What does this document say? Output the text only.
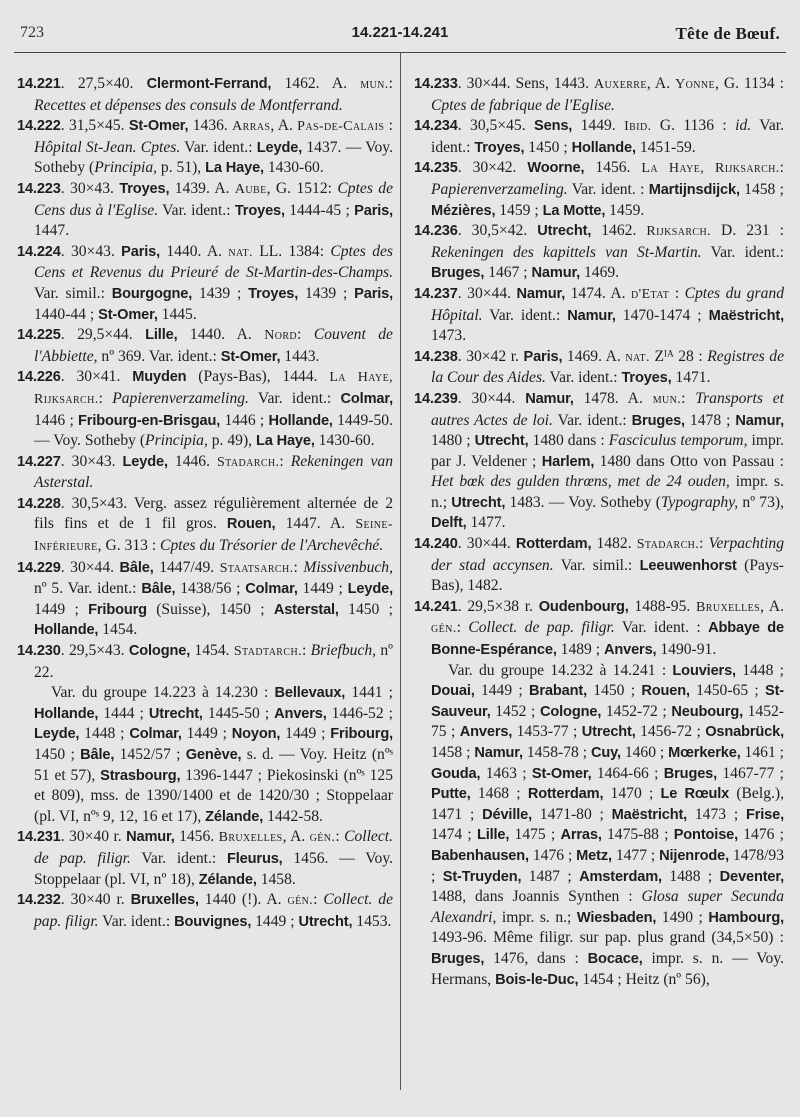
723	14.221-14.241	Tête de Bœuf.

14.221. 27,5×40. Clermont-Ferrand, 1462. A. mun.: Recettes et dépenses des consuls de Montferrand.

14.222. 31,5×45. St-Omer, 1436. Arras, A. Pas-de-Calais : Hôpital St-Jean. Cptes. Var. ident.: Leyde, 1437. — Voy. Sotheby (Principia, p. 51), La Haye, 1430-60.

14.223. 30×43. Troyes, 1439. A. Aube, G. 1512: Cptes de Cens dus à l'Eglise. Var. ident.: Troyes, 1444-45 ; Paris, 1447.

14.224. 30×43. Paris, 1440. A. nat. LL. 1384: Cptes des Cens et Revenus du Prieuré de St-Martin-des-Champs. Var. simil.: Bourgogne, 1439 ; Troyes, 1439 ; Paris, 1440-44 ; St-Omer, 1445.

14.225. 29,5×44. Lille, 1440. A. Nord: Couvent de l'Abbiette, nº 369. Var. ident.: St-Omer, 1443.

14.226. 30×41. Muyden (Pays-Bas), 1444. La Haye, Rijksarch.: Papierenverzameling. Var. ident.: Colmar, 1446 ; Fribourg-en-Brisgau, 1446 ; Hollande, 1449-50. — Voy. Sotheby (Principia, p. 49), La Haye, 1430-60.

14.227. 30×43. Leyde, 1446. Stadarch.: Rekeningen van Asterstal.

14.228. 30,5×43. Verg. assez régulièrement alternée de 2 fils fins et de 1 fil gros. Rouen, 1447. A. Seine-Inférieure, G. 313 : Cptes du Trésorier de l'Archevêché.

14.229. 30×44. Bâle, 1447/49. Staatsarch.: Missivenbuch, nº 5. Var. ident.: Bâle, 1438/56 ; Colmar, 1449 ; Leyde, 1449 ; Fribourg (Suisse), 1450 ; Asterstal, 1450 ; Hollande, 1454.

14.230. 29,5×43. Cologne, 1454. Stadtarch.: Briefbuch, nº 22.

Var. du groupe 14.223 à 14.230 : Bellevaux, 1441 ; Hollande, 1444 ; Utrecht, 1445-50 ; Anvers, 1446-52 ; Leyde, 1448 ; Colmar, 1449 ; Noyon, 1449 ; Fribourg, 1450 ; Bâle, 1452/57 ; Genève, s. d. — Voy. Heitz (nºˢ 51 et 57), Strasbourg, 1396-1447 ; Piekosinski (nºˢ 125 et 809), mss. de 1390/1400 et de 1420/30 ; Stoppelaar (pl. VI, nºˢ 9, 12, 16 et 17), Zélande, 1442-58.

14.231. 30×40 r. Namur, 1456. Bruxelles, A. gén.: Collect. de pap. filigr. Var. ident.: Fleurus, 1456. — Voy. Stoppelaar (pl. VI, nº 18), Zélande, 1458.

14.232. 30×40 r. Bruxelles, 1440 (!). A. gén.: Collect. de pap. filigr. Var. ident.: Bouvignes, 1449 ; Utrecht, 1453.

14.233. 30×44. Sens, 1443. Auxerre, A. Yonne, G. 1134 : Cptes de fabrique de l'Eglise.

14.234. 30,5×45. Sens, 1449. Ibid. G. 1136 : id. Var. ident.: Troyes, 1450 ; Hollande, 1451-59.

14.235. 30×42. Woorne, 1456. La Haye, Rijksarch.: Papierenverzameling. Var. ident. : Martijnsdijck, 1458 ; Mézières, 1459 ; La Motte, 1459.

14.236. 30,5×42. Utrecht, 1462. Rijksarch. D. 231 : Rekeningen des kapittels van St-Martin. Var. ident.: Bruges, 1467 ; Namur, 1469.

14.237. 30×44. Namur, 1474. A. d'Etat : Cptes du grand Hôpital. Var. ident.: Namur, 1470-1474 ; Maëstricht, 1473.

14.238. 30×42 r. Paris, 1469. A. nat. Zᴵᴬ 28 : Registres de la Cour des Aides. Var. ident.: Troyes, 1471.

14.239. 30×44. Namur, 1478. A. mun.: Transports et autres Actes de loi. Var. ident.: Bruges, 1478 ; Namur, 1480 ; Utrecht, 1480 dans : Fasciculus temporum, impr. par J. Veldener ; Harlem, 1480 dans Otto von Passau : Het bœk des gulden thrœns, met de 24 ouden, impr. s. n.; Utrecht, 1483. — Voy. Sotheby (Typography, nº 73), Delft, 1477.

14.240. 30×44. Rotterdam, 1482. Stadarch.: Verpachting der stad accynsen. Var. simil.: Leeuwenhorst (Pays-Bas), 1482.

14.241. 29,5×38 r. Oudenbourg, 1488-95. Bruxelles, A. gén.: Collect. de pap. filigr. Var. ident. : Abbaye de Bonne-Espérance, 1489 ; Anvers, 1490-91.

Var. du groupe 14.232 à 14.241 : Louviers, 1448 ; Douai, 1449 ; Brabant, 1450 ; Rouen, 1450-65 ; St-Sauveur, 1452 ; Cologne, 1452-72 ; Neubourg, 1452-75 ; Anvers, 1453-77 ; Utrecht, 1456-72 ; Osnabrück, 1458 ; Namur, 1458-78 ; Cuy, 1460 ; Mœrkerke, 1461 ; Gouda, 1463 ; St-Omer, 1464-66 ; Bruges, 1467-77 ; Putte, 1468 ; Rotterdam, 1470 ; Le Rœulx (Belg.), 1471 ; Déville, 1471-80 ; Maëstricht, 1473 ; Frise, 1474 ; Lille, 1475 ; Arras, 1475-88 ; Pontoise, 1476 ; Babenhausen, 1476 ; Metz, 1477 ; Nijenrode, 1478/93 ; St-Truyden, 1487 ; Amsterdam, 1488 ; Deventer, 1488, dans Joannis Synthen : Glosa super Secunda Alexandri, impr. s. n.; Wiesbaden, 1490 ; Hambourg, 1493-96. Même filigr. sur pap. plus grand (34,5×50) : Bruges, 1476, dans : Bocace, impr. s. n. — Voy. Hermans, Bois-le-Duc, 1454 ; Heitz (nº 56),
